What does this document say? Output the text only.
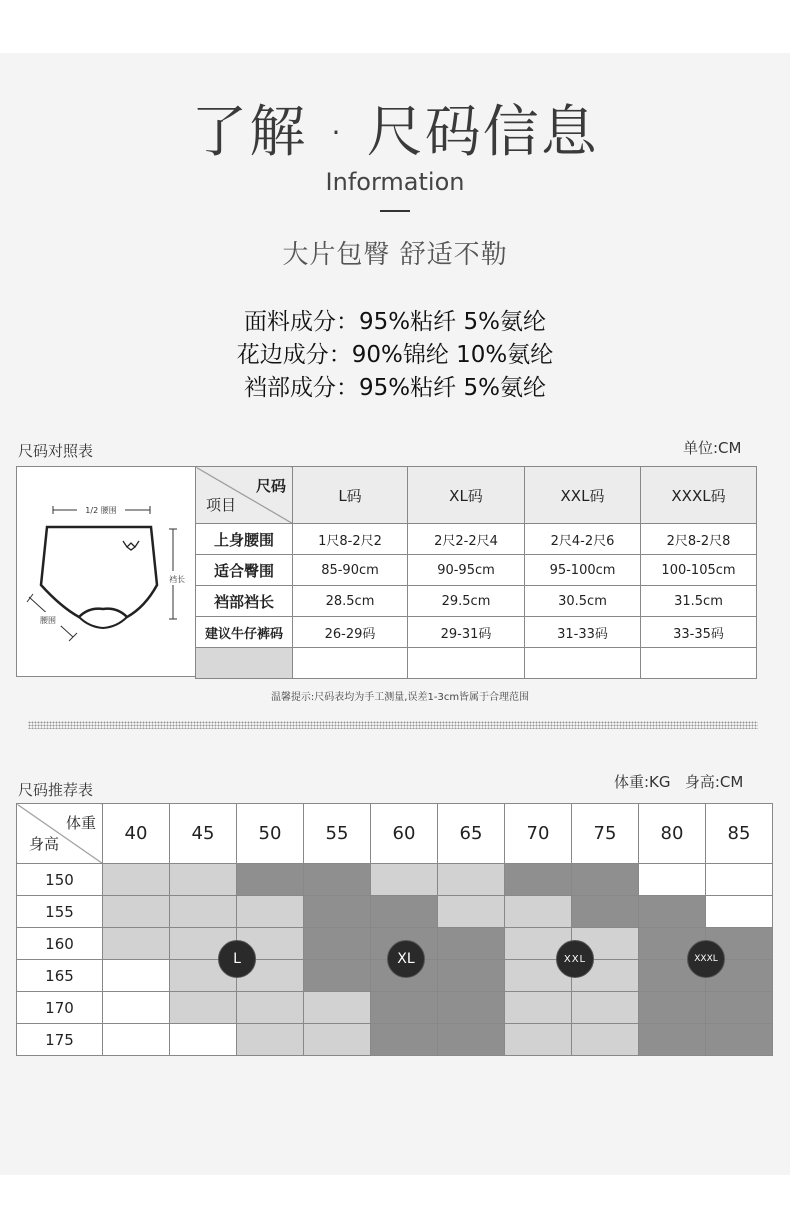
了解 · 尺码信息
Information
大片包臀 舒适不勒
面料成分：95%粘纤 5%氨纶
花边成分：90%锦纶 10%氨纶
裆部成分：95%粘纤 5%氨纶
尺码对照表	单位:CM
1/2 腰围
裆长
腰围
尺码
项目	L码	XL码	XXL码	XXXL码
上身腰围	1尺8-2尺2	2尺2-2尺4	2尺4-2尺6	2尺8-2尺8
适合臀围	85-90cm	90-95cm	95-100cm	100-105cm
裆部裆长	28.5cm	29.5cm	30.5cm	31.5cm
建议牛仔裤码	26-29码	29-31码	31-33码	33-35码

温馨提示:尺码表均为手工测量,误差1-3cm皆属于合理范围
尺码推荐表	体重:KG   身高:CM
体重
身高	40	45	50	55	60	65	70	75	80	85
150										
155										
160										
165										
170										
175										
L	XL	XXL	XXXL
